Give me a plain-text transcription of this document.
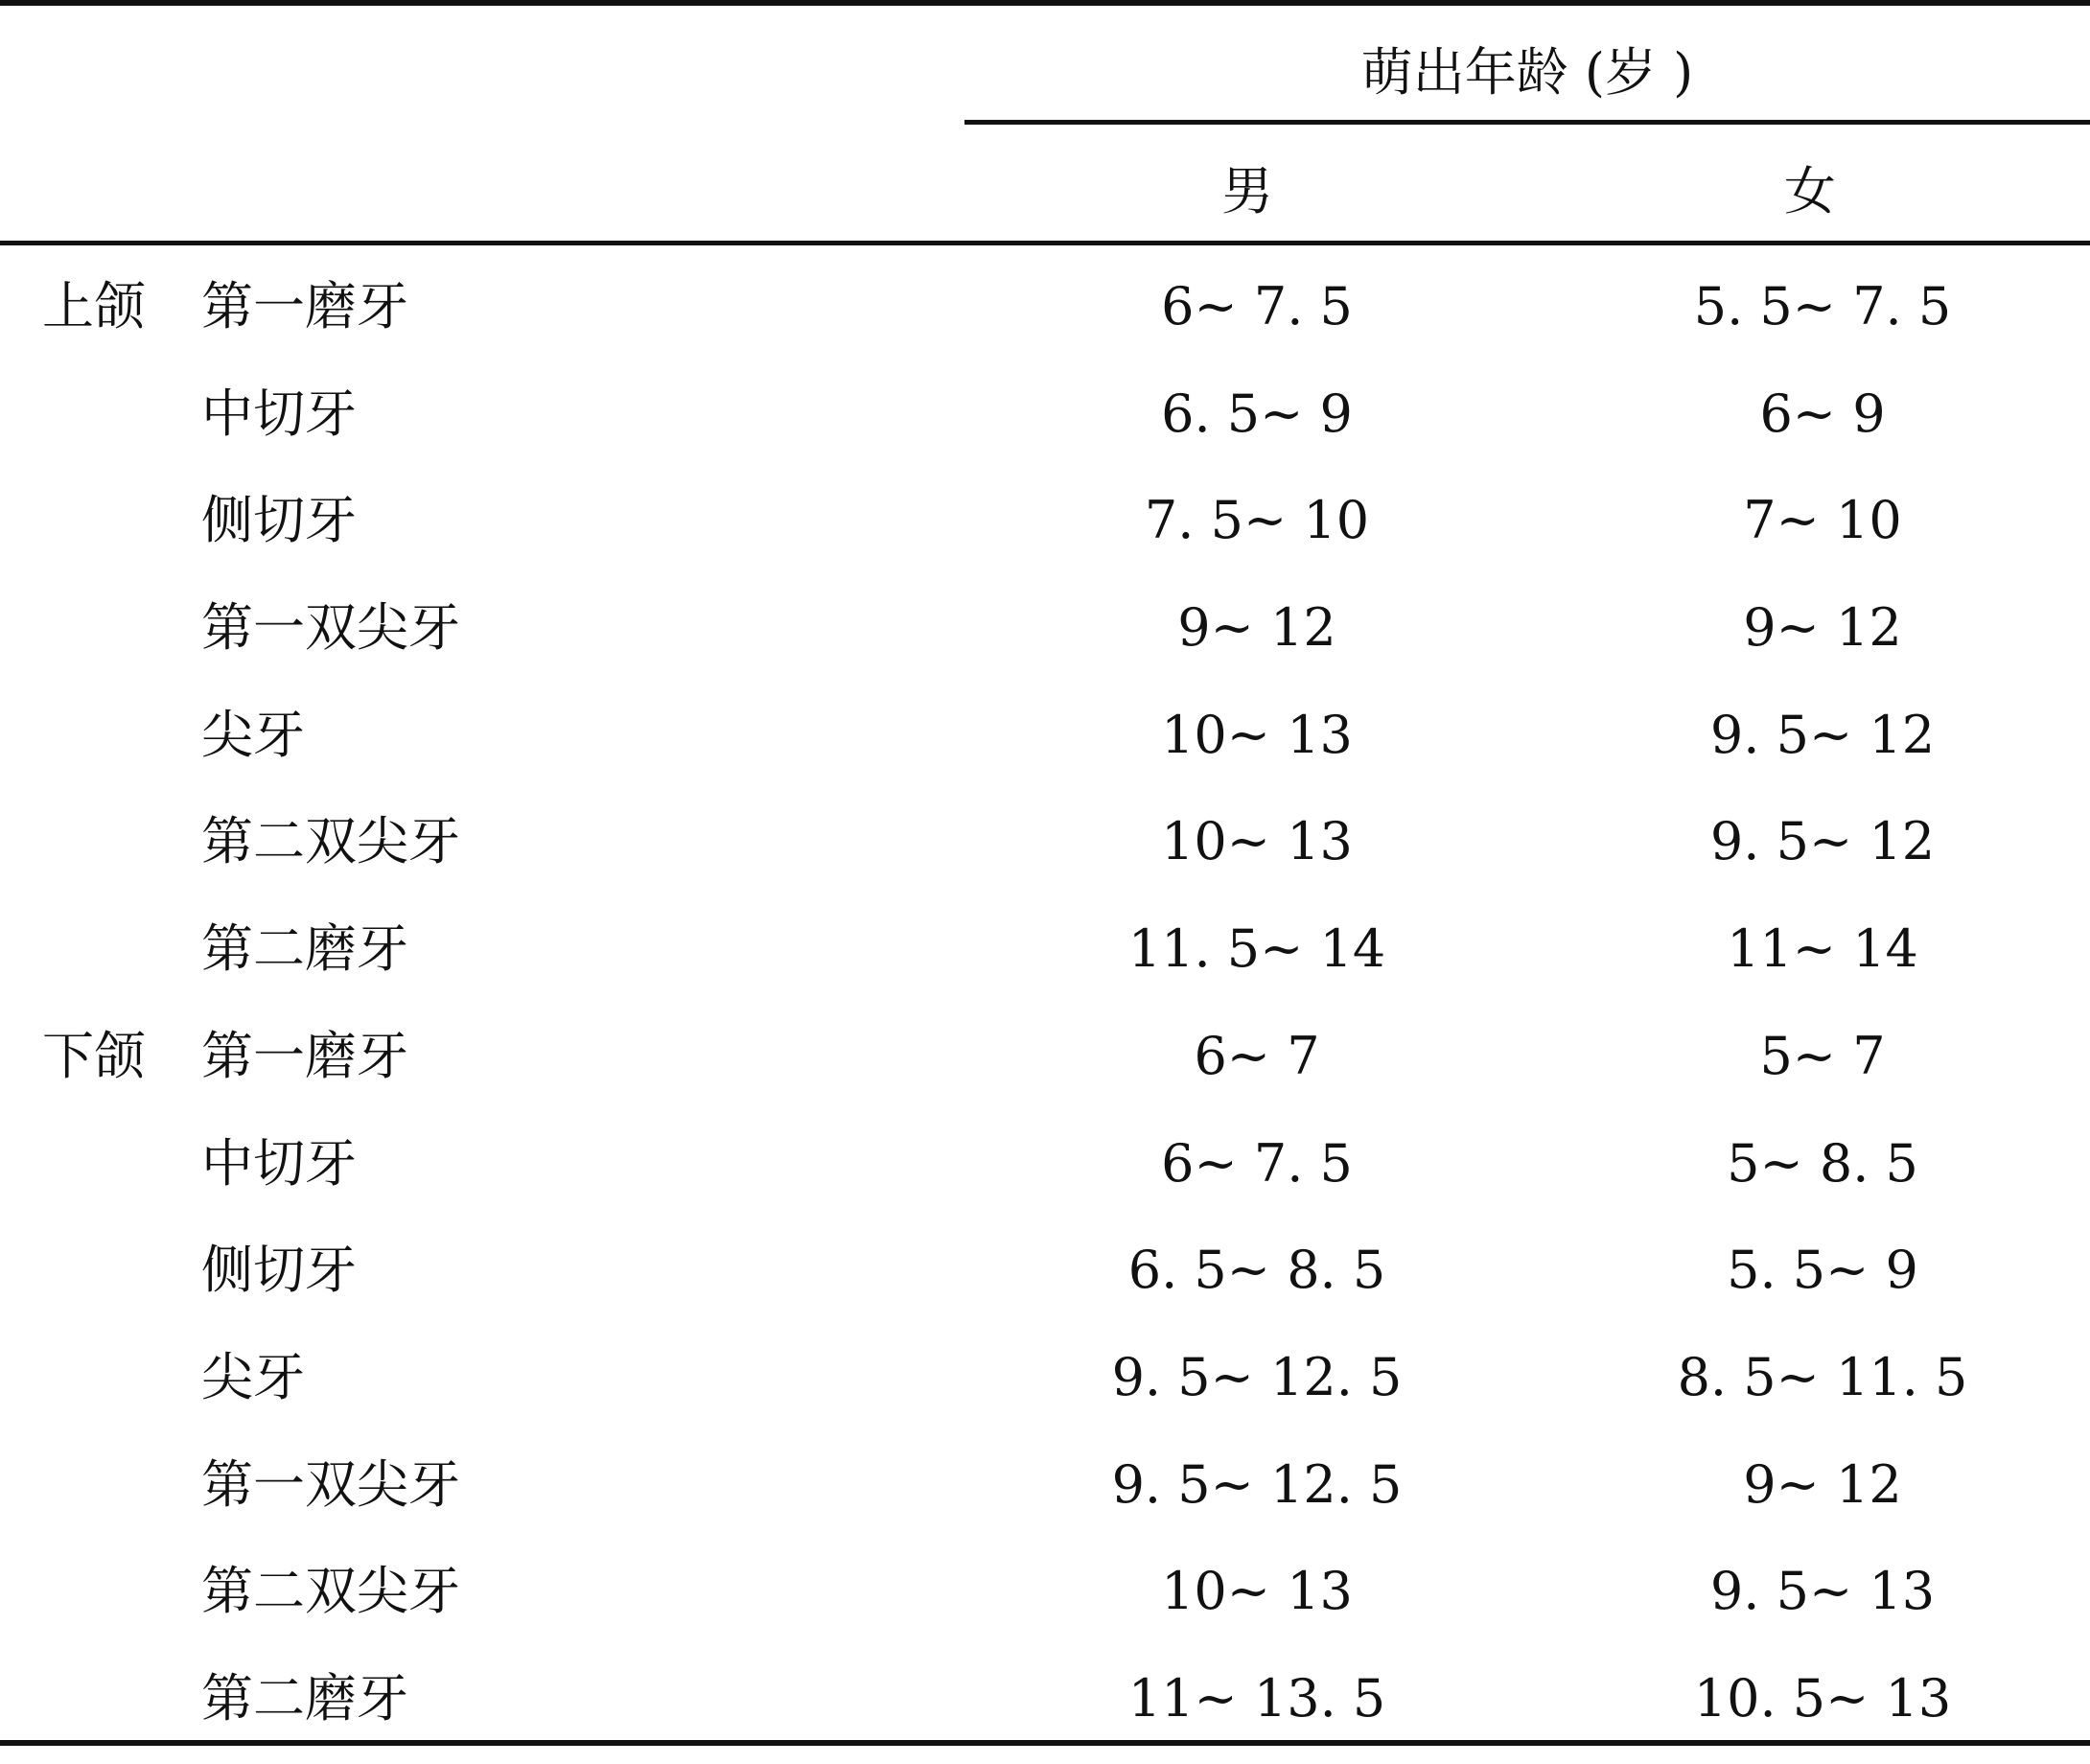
萌出年龄 (岁 )
男	女
上颌 第一磨牙	6~ 7. 5	5. 5~ 7. 5
中切牙	6. 5~ 9	6~ 9
侧切牙	7. 5~ 10	7~ 10
第一双尖牙	9~ 12	9~ 12
尖牙	10~ 13	9. 5~ 12
第二双尖牙	10~ 13	9. 5~ 12
第二磨牙	11. 5~ 14	11~ 14
下颌 第一磨牙	6~ 7	5~ 7
中切牙	6~ 7. 5	5~ 8. 5
侧切牙	6. 5~ 8. 5	5. 5~ 9
尖牙	9. 5~ 12. 5	8. 5~ 11. 5
第一双尖牙	9. 5~ 12. 5	9~ 12
第二双尖牙	10~ 13	9. 5~ 13
第二磨牙	11~ 13. 5	10. 5~ 13
